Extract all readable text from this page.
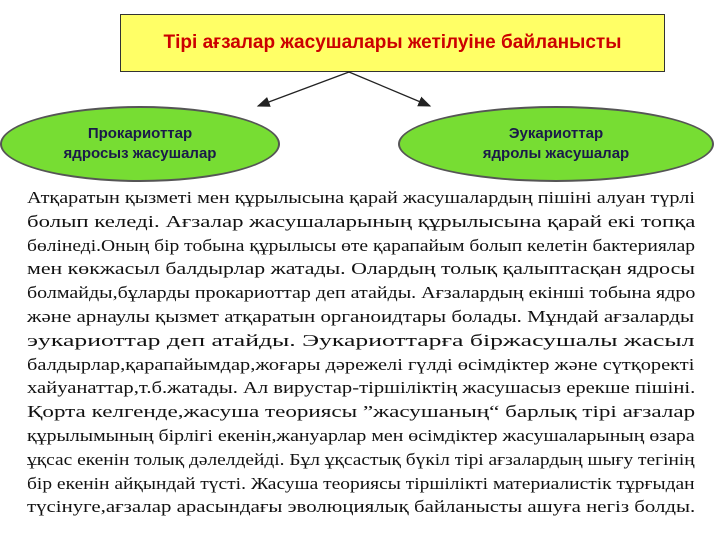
Тірі ағзалар жасушалары жетілуіне байланысты
Прокариоттар
ядросыз жасушалар
Эукариоттар
ядролы жасушалар
Атқаратын қызметі мен құрылысына қарай жасушалардың пішіні алуан түрлі болып келеді. Ағзалар жасушаларының құрылысына қарай екі топқа бөлінеді.Оның бір тобына құрылысы өте қарапайым болып келетін бактериялар мен көкжасыл балдырлар жатады. Олардың толық қалыптасқан ядросы болмайды,бұларды прокариоттар деп атайды. Ағзалардың екінші тобына ядро және арнаулы қызмет атқаратын органоидтары болады. Мұндай ағзаларды эукариоттар деп атайды. Эукариоттарға біржасушалы жасыл балдырлар,қарапайымдар,жоғары дәрежелі гүлді өсімдіктер және сүтқоректі хайуанаттар,т.б.жатады. Ал вирустар-тіршіліктің жасушасыз ерекше пішіні. Қорта келгенде,жасуша теориясы ”жасушаның“ барлық тірі ағзалар құрылымының бірлігі екенін,жануарлар мен өсімдіктер жасушаларының өзара ұқсас екенін толық дәлелдейді. Бұл ұқсастық бүкіл тірі ағзалардың шығу тегінің бір екенін айқындай түсті. Жасуша теориясы тіршілікті материалистік тұрғыдан түсінуге,ағзалар арасындағы эволюциялық байланысты ашуға негіз болды.
